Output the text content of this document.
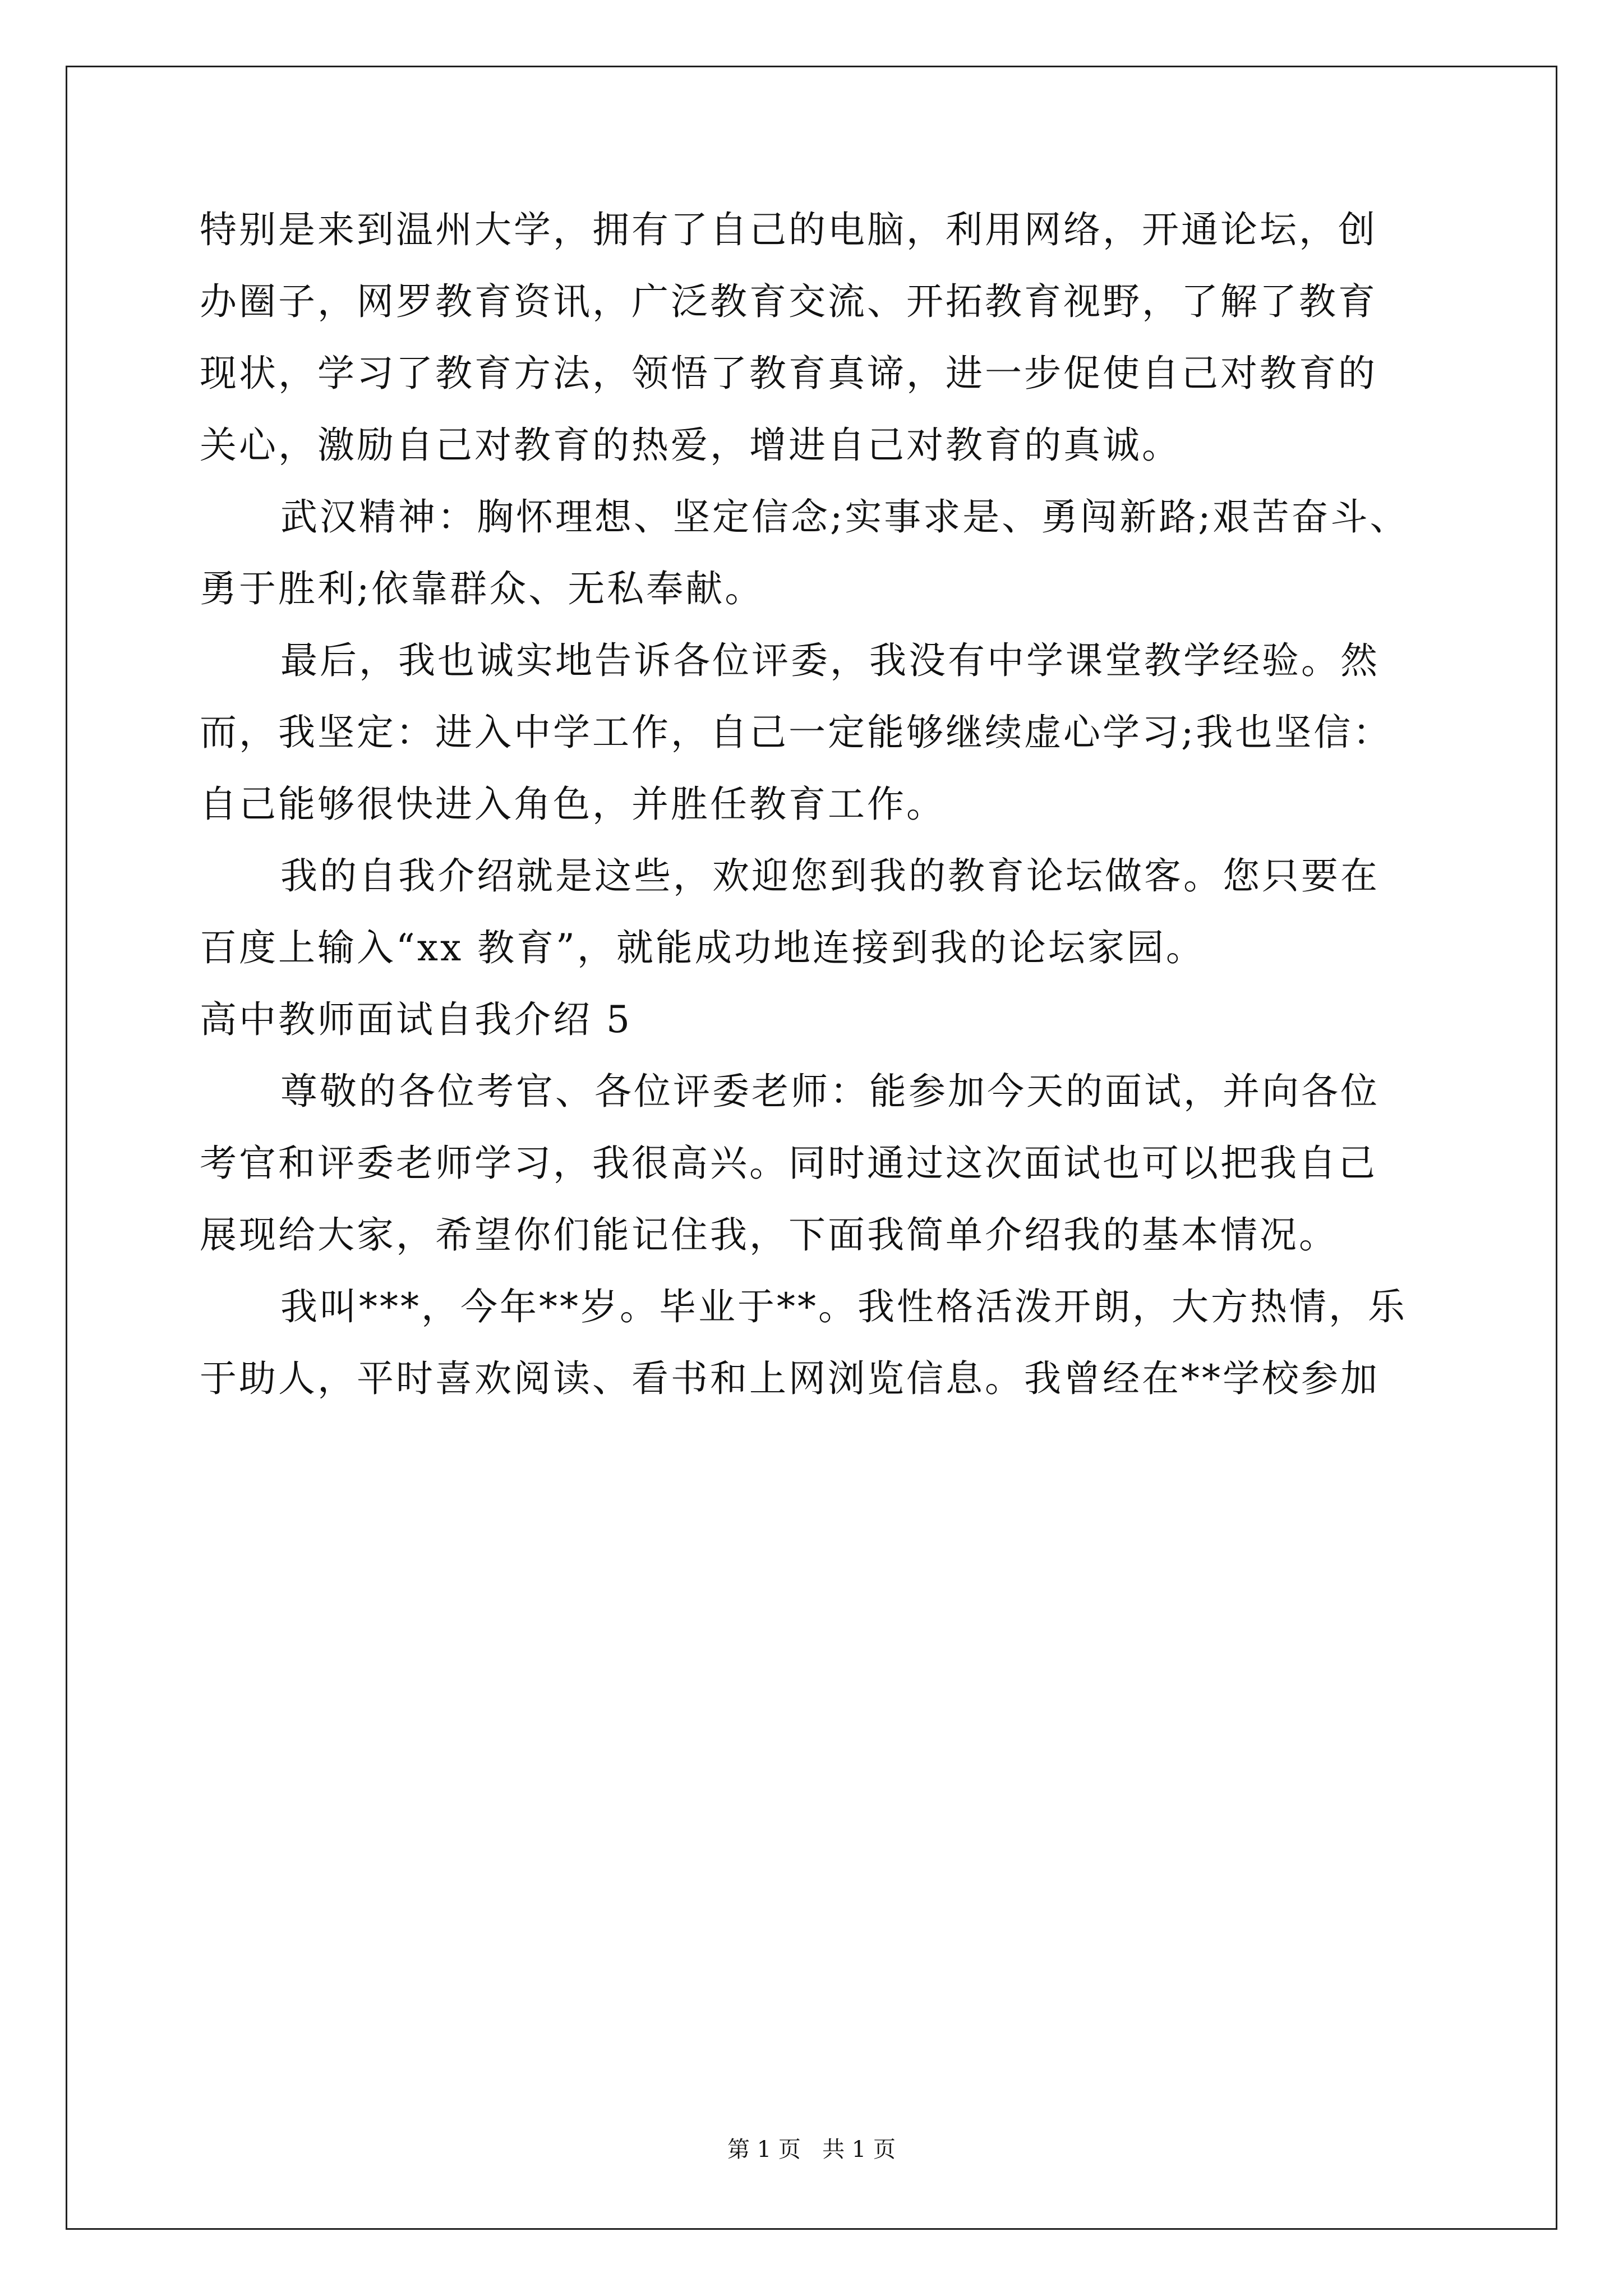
特别是来到温州大学，拥有了自己的电脑，利用网络，开通论坛，创
办圈子，网罗教育资讯，广泛教育交流、开拓教育视野，了解了教育
现状，学习了教育方法，领悟了教育真谛，进一步促使自己对教育的
关心，激励自己对教育的热爱，增进自己对教育的真诚。
武汉精神：胸怀理想、坚定信念;实事求是、勇闯新路;艰苦奋斗、
勇于胜利;依靠群众、无私奉献。
最后，我也诚实地告诉各位评委，我没有中学课堂教学经验。然
而，我坚定：进入中学工作，自己一定能够继续虚心学习;我也坚信：
自己能够很快进入角色，并胜任教育工作。
我的自我介绍就是这些，欢迎您到我的教育论坛做客。您只要在
百度上输入“xx 教育”，就能成功地连接到我的论坛家园。
高中教师面试自我介绍 5
尊敬的各位考官、各位评委老师：能参加今天的面试，并向各位
考官和评委老师学习，我很高兴。同时通过这次面试也可以把我自己
展现给大家，希望你们能记住我，下面我简单介绍我的基本情况。
我叫***，今年**岁。毕业于**。我性格活泼开朗，大方热情，乐
于助人，平时喜欢阅读、看书和上网浏览信息。我曾经在**学校参加
第 1 页   共 1 页
